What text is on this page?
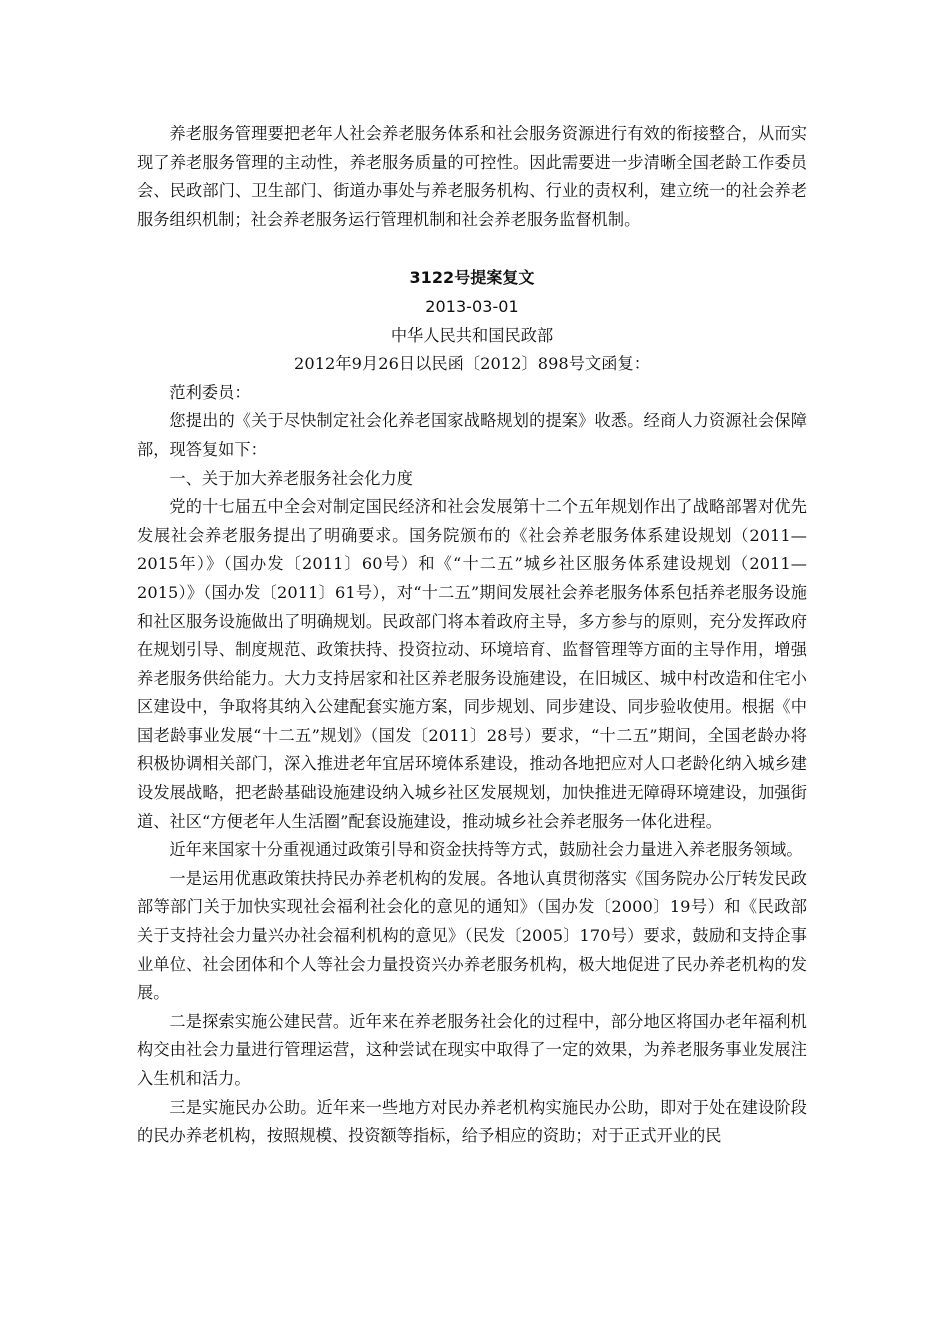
养老服务管理要把老年人社会养老服务体系和社会服务资源进行有效的衔接整合，从而实现了养老服务管理的主动性，养老服务质量的可控性。因此需要进一步清晰全国老龄工作委员会、民政部门、卫生部门、街道办事处与养老服务机构、行业的责权利，建立统一的社会养老服务组织机制；社会养老服务运行管理机制和社会养老服务监督机制。

3122号提案复文

2013-03-01

中华人民共和国民政部

2012年9月26日以民函〔2012〕898号文函复：

范利委员：

您提出的《关于尽快制定社会化养老国家战略规划的提案》收悉。经商人力资源社会保障部，现答复如下：

一、关于加大养老服务社会化力度

党的十七届五中全会对制定国民经济和社会发展第十二个五年规划作出了战略部署对优先发展社会养老服务提出了明确要求。国务院颁布的《社会养老服务体系建设规划（2011—2015年）》（国办发〔2011〕60号）和《“十二五”城乡社区服务体系建设规划（2011—2015）》（国办发〔2011〕61号），对“十二五”期间发展社会养老服务体系包括养老服务设施和社区服务设施做出了明确规划。民政部门将本着政府主导，多方参与的原则，充分发挥政府在规划引导、制度规范、政策扶持、投资拉动、环境培育、监督管理等方面的主导作用，增强养老服务供给能力。大力支持居家和社区养老服务设施建设，在旧城区、城中村改造和住宅小区建设中，争取将其纳入公建配套实施方案，同步规划、同步建设、同步验收使用。根据《中国老龄事业发展“十二五”规划》（国发〔2011〕28号）要求，“十二五”期间，全国老龄办将积极协调相关部门，深入推进老年宜居环境体系建设，推动各地把应对人口老龄化纳入城乡建设发展战略，把老龄基础设施建设纳入城乡社区发展规划，加快推进无障碍环境建设，加强街道、社区“方便老年人生活圈”配套设施建设，推动城乡社会养老服务一体化进程。

近年来国家十分重视通过政策引导和资金扶持等方式，鼓励社会力量进入养老服务领域。

一是运用优惠政策扶持民办养老机构的发展。各地认真贯彻落实《国务院办公厅转发民政部等部门关于加快实现社会福利社会化的意见的通知》（国办发〔2000〕19号）和《民政部关于支持社会力量兴办社会福利机构的意见》（民发〔2005〕170号）要求，鼓励和支持企事业单位、社会团体和个人等社会力量投资兴办养老服务机构，极大地促进了民办养老机构的发展。

二是探索实施公建民营。近年来在养老服务社会化的过程中，部分地区将国办老年福利机构交由社会力量进行管理运营，这种尝试在现实中取得了一定的效果，为养老服务事业发展注入生机和活力。

三是实施民办公助。近年来一些地方对民办养老机构实施民办公助，即对于处在建设阶段的民办养老机构，按照规模、投资额等指标，给予相应的资助；对于正式开业的民
